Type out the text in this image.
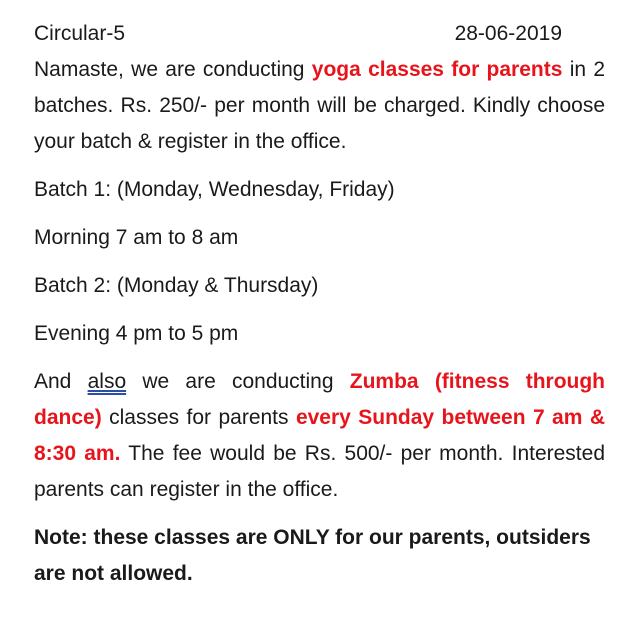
Circular-5	28-06-2019

Namaste, we are conducting yoga classes for parents in 2 batches. Rs. 250/- per month will be charged. Kindly choose your batch & register in the office.

Batch 1: (Monday, Wednesday, Friday)

Morning 7 am to 8 am

Batch 2: (Monday & Thursday)

Evening 4 pm to 5 pm

And also we are conducting Zumba (fitness through dance) classes for parents every Sunday between 7 am & 8:30 am. The fee would be Rs. 500/- per month. Interested parents can register in the office.

Note: these classes are ONLY for our parents, outsiders are not allowed.
